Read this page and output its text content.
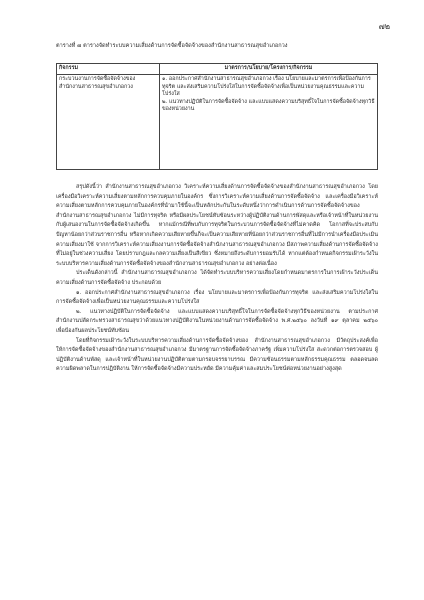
๗๒
ตารางที่ ๗ ตารางจัดทำระบบความเสี่ยงด้านการจัดซื้อจัดจ้างของสำนักงานสาธารณสุขอำเภอกวง
กิจกรรม	มาตรการ/นโยบาย/โครงการ/กิจกรรม
กระบวนงานการจัดซื้อจัดจ้างของสำนักงานสาธารณสุขอำเภอกวง	๑. ออกประกาศสำนักงานสาธารณสุขอำเภอกวง เรื่อง นโยบายและมาตรการเพื่อป้องกันการทุจริต และส่งเสริมความโปร่งใสในการจัดซื้อจัดจ้างเพื่อเป็นหน่วยงานคุณธรรมและความโปร่งใส

๒. แนวทางปฏิบัติในการจัดซื้อจัดจ้าง และแบบแสดงความบริสุทธิ์ใจในการจัดซื้อจัดจ้างทุกวิธีของหน่วยงาน

สรุปดังนี้ว่า สำนักงานสาธารณสุขอำเภอกวง วิเคราะห์ความเสี่ยงด้านการจัดซื้อจัดจ้างของสำนักงานสาธารณสุขอำเภอกวง โดยเครื่องมือวิเคราะห์ความเสี่ยงตามหลักการควบคุมภายในองค์กร ซึ่งการวิเคราะห์ความเสี่ยงด้านการจัดซื้อจัดจ้าง และเครื่องมือวิเคราะห์ความเสี่ยงตามหลักการควบคุมภายในองค์กรที่นำมาใช้นี้จะเป็นหลักประกันในระดับหนึ่งว่าการดำเนินการด้านการจัดซื้อจัดจ้างของสำนักงานสาธารณสุขอำเภอกวง ไม่มีการทุจริต หรือมีผลประโยชน์ทับซ้อนระหว่างผู้ปฏิบัติงานด้านการพัสดุและหรือเจ้าหน้าที่ในหน่วยงานกับผู้เสนองานในการจัดซื้อจัดจ้างเกิดขึ้น หากแม้กรณีที่พบกับการทุจริตในกระบวนการจัดซื้อจัดจ้างที่ไม่คาดคิด โอกาสที่จะประสบกับปัญหาน้อยกว่าส่วนราชการอื่น หรือหากเกิดความเสียหายขึ้นก็จะเป็นความเสียหายที่น้อยกว่าส่วนราชการอื่นที่ไม่มีการนำเครื่องมือประเมินความเสี่ยงมาใช้ จากการวิเคราะห์ความเสี่ยงงานการจัดซื้อจัดจ้างสำนักงานสาธารณสุขอำเภอกวง มีสภาพความเสี่ยงด้านการจัดซื้อจัดจ้างที่ไม่อยู่ในช่วงความเสี่ยง โดยปราบกฎและกลความเสี่ยงเป็นสีเขียว ซึ่งหมายถึงระดับการยอมรับได้ หากแต่ต้องกำหนดกิจกรรมเฝ้าระวังในระบบบริหารความเสี่ยงด้านการจัดซื้อจัดจ้างของสำนักงานสาธารณสุขอำเภอกวง อย่างต่อเนื่อง

ประเด็นดังกล่าวนี้ สำนักงานสาธารณสุขอำเภอกวง ได้จัดทำระบบบริหารความเสี่ยงโดยกำหนดมาตรการในการเฝ้าระวังประเด็นความเสี่ยงด้านการจัดซื้อจัดจ้าง ประกอบด้วย

๑. ออกประกาศสำนักงานสาธารณสุขอำเภอกวง เรื่อง นโยบายและมาตรการเพื่อป้องกันการทุจริต และส่งเสริมความโปร่งใสในการจัดซื้อจัดจ้างเพื่อเป็นหน่วยงานคุณธรรมและความโปร่งใส

๒. แนวทางปฏิบัติในการจัดซื้อจัดจ้าง และแบบแสดงความบริสุทธิ์ใจในการจัดซื้อจัดจ้างทุกวิธีของหน่วยงาน ตามประกาศสำนักงานปลัดกระทรวงสาธารณสุขว่าด้วยแนวทางปฏิบัติงานในหน่วยงานด้านการจัดซื้อจัดจ้าง พ.ศ.๒๕๖๐ ลงวันที่ ๑๙ ตุลาคม ๒๕๖๐ เพื่อป้องกันผลประโยชน์ทับซ้อน

โดยที่กิจกรรมเฝ้าระวังในระบบบริหารความเสี่ยงด้านการจัดซื้อจัดจ้างของ สำนักงานสาธารณสุขอำเภอกวง มีวัตถุประสงค์เพื่อให้การจัดซื้อจัดจ้างของสำนักงานสาธารณสุขอำเภอกวง มีมาตรฐานการจัดซื้อจัดจ้างภาครัฐ เพิ่มความโปร่งใส สะดวกต่อการตรวจสอบ ผู้ปฏิบัติงานด้านพัสดุ และเจ้าหน้าที่ในหน่วยงานปฏิบัติตามตามกรอบจรรยาบรรณ มีความซ้อนธรรมตามหลักธรรมคุณธรรม ตลอดจนลดความผิดพลาดในการปฏิบัติงาน ให้การจัดซื้อจัดจ้างมีความประหยัด มีความคุ้มค่าและสมประโยชน์ต่อหน่วยงานอย่างสูงสุด
